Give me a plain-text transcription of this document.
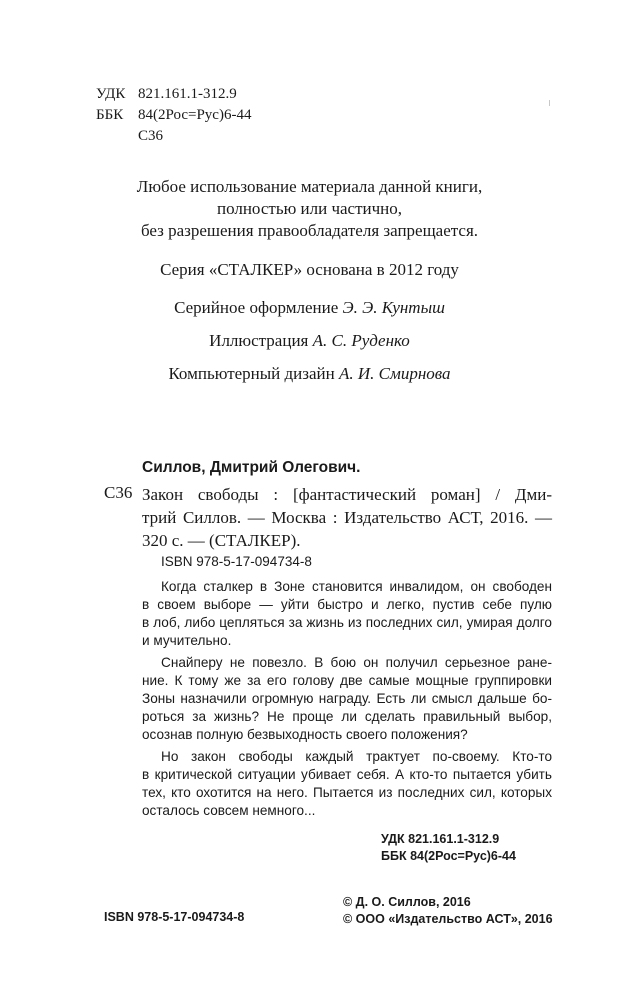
УДК 821.161.1-312.9
ББК 84(2Рос=Рус)6-44
С36
Любое использование материала данной книги,
полностью или частично,
без разрешения правообладателя запрещается.
Серия «СТАЛКЕР» основана в 2012 году
Серийное оформление Э. Э. Кунтыш
Иллюстрация А. С. Руденко
Компьютерный дизайн А. И. Смирнова
Силлов, Дмитрий Олегович.
С36 Закон свободы : [фантастический роман] / Дми-
трий Силлов. — Москва : Издательство АСТ, 2016. —
320 с. — (СТАЛКЕР).
ISBN 978-5-17-094734-8
Когда сталкер в Зоне становится инвалидом, он свободен
в своем выборе — уйти быстро и легко, пустив себе пулю
в лоб, либо цепляться за жизнь из последних сил, умирая долго
и мучительно.
Снайперу не повезло. В бою он получил серьезное ране-
ние. К тому же за его голову две самые мощные группировки
Зоны назначили огромную награду. Есть ли смысл дальше бо-
роться за жизнь? Не проще ли сделать правильный выбор,
осознав полную безвыходность своего положения?
Но закон свободы каждый трактует по-своему. Кто-то
в критической ситуации убивает себя. А кто-то пытается убить
тех, кто охотится на него. Пытается из последних сил, которых
осталось совсем немного...
УДК 821.161.1-312.9
ББК 84(2Рос=Рус)6-44
© Д. О. Силлов, 2016
© ООО «Издательство АСТ», 2016
ISBN 978-5-17-094734-8
